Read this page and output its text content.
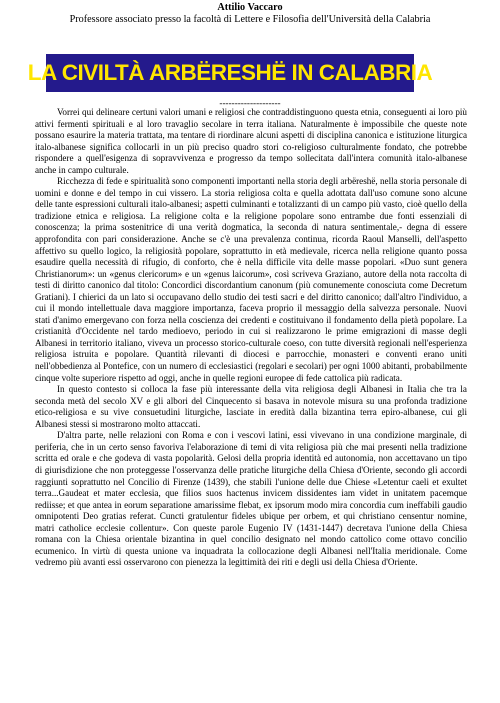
Attilio Vaccaro
Professore associato presso la facoltà di Lettere e Filosofia dell'Università della Calabria
LA CIVILTÀ ARBËRESHË IN CALABRIA
--------------------

Vorrei qui delineare certuni valori umani e religiosi che contraddistinguono questa etnia, conseguenti ai loro più attivi fermenti spirituali e al loro travaglio secolare in terra italiana. Naturalmente è impossibile che queste note possano esaurire la materia trattata, ma tentare di riordinare alcuni aspetti di disciplina canonica e istituzione liturgica italo-albanese significa collocarli in un più preciso quadro stori co-religioso culturalmente fondato, che potrebbe rispondere a quell'esigenza di sopravvivenza e progresso da tempo sollecitata dall'intera comunità italo-albanese anche in campo culturale.

Ricchezza di fede e spiritualità sono componenti importanti nella storia degli arbëreshë, nella storia personale di uomini e donne e del tempo in cui vissero. La storia religiosa colta e quella adottata dall'uso comune sono alcune delle tante espressioni culturali italo-albanesi; aspetti culminanti e totalizzanti di un campo più vasto, cioè quello della tradizione etnica e religiosa. La religione colta e la religione popolare sono entrambe due fonti essenziali di conoscenza; la prima sostenitrice di una verità dogmatica, la seconda di natura sentimentale,- degna di essere approfondita con pari considerazione. Anche se c'è una prevalenza continua, ricorda Raoul Manselli, dell'aspetto affettivo su quello logico, la religiosità popolare, soprattutto in età medievale, ricerca nella religione quanto possa esaudire quella necessità di rifugio, di conforto, che è nella difficile vita delle masse popolari. «Duo sunt genera Christianorum»: un «genus clericorum» e un «genus laicorum», così scriveva Graziano, autore della nota raccolta di testi di diritto canonico dal titolo: Concordici discordantium canonum (più comunemente conosciuta come Decretum Gratiani). I chierici da un lato si occupavano dello studio dei testi sacri e del diritto canonico; dall'altro l'individuo, a cui il mondo intellettuale dava maggiore importanza, faceva proprio il messaggio della salvezza personale. Nuovi stati d'animo emergevano con forza nella coscienza dei credenti e costituivano il fondamento della pietà popolare. La cristianità d'Occidente nel tardo medioevo, periodo in cui si realizzarono le prime emigrazioni di masse degli Albanesi in territorio italiano, viveva un processo storico-culturale coeso, con tutte diversità regionali nell'esperienza religiosa istruita e popolare. Quantità rilevanti di diocesi e parrocchie, monasteri e conventi erano uniti nell'obbedienza al Pontefice, con un numero di ecclesiastici (regolari e secolari) per ogni 1000 abitanti, probabilmente cinque volte superiore rispetto ad oggi, anche in quelle regioni europee di fede cattolica più radicata.

In questo contesto si colloca la fase più interessante della vita religiosa degli Albanesi in Italia che tra la seconda metà del secolo XV e gli albori del Cinquecento si basava in notevole misura su una profonda tradizione etico-religiosa e su vive consuetudini liturgiche, lasciate in eredità dalla bizantina terra epiro-albanese, cui gli Albanesi stessi si mostrarono molto attaccati.

D'altra parte, nelle relazioni con Roma e con i vescovi latini, essi vivevano in una condizione marginale, di periferia, che in un certo senso favoriva l'elaborazione di temi di vita religiosa più che mai presenti nella tradizione scritta ed orale e che godeva di vasta popolarità. Gelosi della propria identità ed autonomia, non accettavano un tipo di giurisdizione che non proteggesse l'osservanza delle pratiche liturgiche della Chiesa d'Oriente, secondo gli accordi raggiunti soprattutto nel Concilio di Firenze (1439), che stabilì l'unione delle due Chiese «Letentur caeli et exultet terra...Gaudeat et mater ecclesia, que filios suos hactenus invicem dissidentes iam videt in unitatem pacemque rediisse; et que antea in eorum separatione amarissime flebat, ex ipsorum modo mira concordia cum ineffabili gaudio omnipotenti Deo gratias referat. Cuncti gratulentur fideles ubique per orbem, et qui christiano censentur nomine, matri catholice ecclesie collentur». Con queste parole Eugenio IV (1431-1447) decretava l'unione della Chiesa romana con la Chiesa orientale bizantina in quel concilio designato nel mondo cattolico come ottavo concilio ecumenico. In virtù di questa unione va inquadrata la collocazione degli Albanesi nell'Italia meridionale. Come vedremo più avanti essi osservarono con pienezza la legittimità dei riti e degli usi della Chiesa d'Oriente.
